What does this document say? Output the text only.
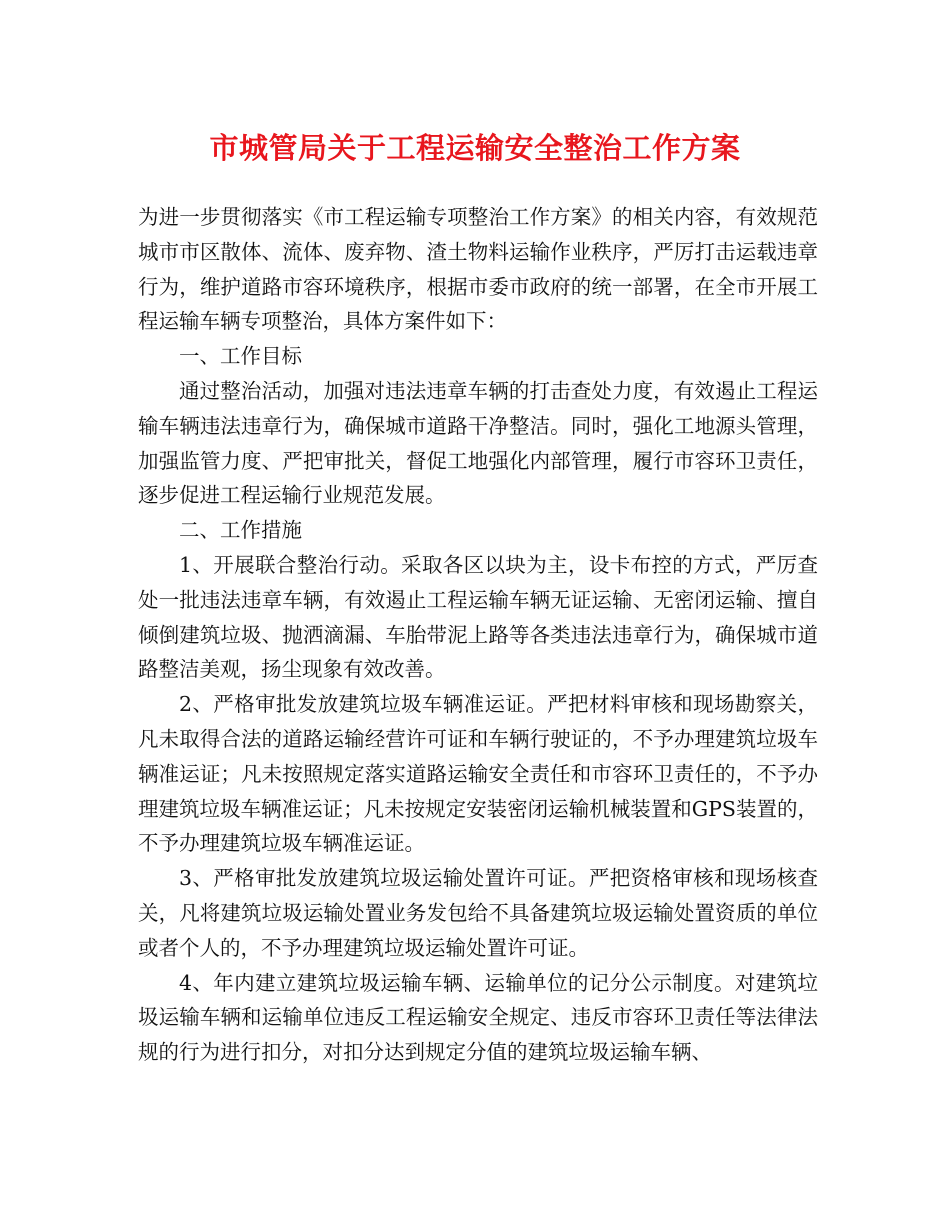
市城管局关于工程运输安全整治工作方案

为进一步贯彻落实《市工程运输专项整治工作方案》的相关内容，有效规范城市市区散体、流体、废弃物、渣土物料运输作业秩序，严厉打击运载违章行为，维护道路市容环境秩序，根据市委市政府的统一部署，在全市开展工程运输车辆专项整治，具体方案件如下：

一、工作目标

通过整治活动，加强对违法违章车辆的打击查处力度，有效遏止工程运输车辆违法违章行为，确保城市道路干净整洁。同时，强化工地源头管理，加强监管力度、严把审批关，督促工地强化内部管理，履行市容环卫责任，逐步促进工程运输行业规范发展。

二、工作措施

1、开展联合整治行动。采取各区以块为主，设卡布控的方式，严厉查处一批违法违章车辆，有效遏止工程运输车辆无证运输、无密闭运输、擅自倾倒建筑垃圾、抛洒滴漏、车胎带泥上路等各类违法违章行为，确保城市道路整洁美观，扬尘现象有效改善。

2、严格审批发放建筑垃圾车辆准运证。严把材料审核和现场勘察关，凡未取得合法的道路运输经营许可证和车辆行驶证的，不予办理建筑垃圾车辆准运证；凡未按照规定落实道路运输安全责任和市容环卫责任的，不予办理建筑垃圾车辆准运证；凡未按规定安装密闭运输机械装置和GPS装置的，不予办理建筑垃圾车辆准运证。

3、严格审批发放建筑垃圾运输处置许可证。严把资格审核和现场核查关，凡将建筑垃圾运输处置业务发包给不具备建筑垃圾运输处置资质的单位或者个人的，不予办理建筑垃圾运输处置许可证。

4、年内建立建筑垃圾运输车辆、运输单位的记分公示制度。对建筑垃圾运输车辆和运输单位违反工程运输安全规定、违反市容环卫责任等法律法规的行为进行扣分，对扣分达到规定分值的建筑垃圾运输车辆、
